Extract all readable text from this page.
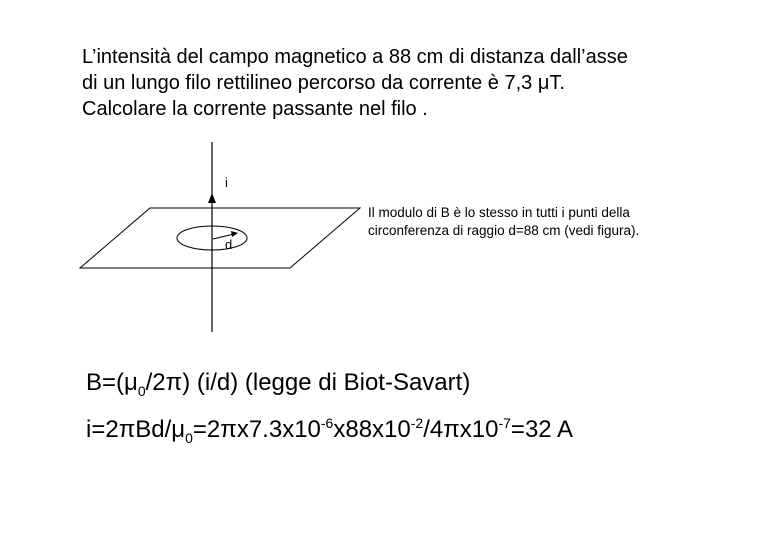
L’intensità del campo magnetico a 88 cm di distanza dall’asse
di un lungo filo rettilineo percorso da corrente è 7,3 μT.
Calcolare la corrente passante nel filo .
i
d
Il modulo di B è lo stesso in tutti i punti della
circonferenza di raggio d=88 cm (vedi figura).
$B=(\mu_0/2\pi)$ (i/d) (legge di Biot-Savart)
$i=2\pi Bd/\mu_0=2\pi x7.3x10^{-6}x88x10^{-2}/4\pi x10^{-7}=32$ A
